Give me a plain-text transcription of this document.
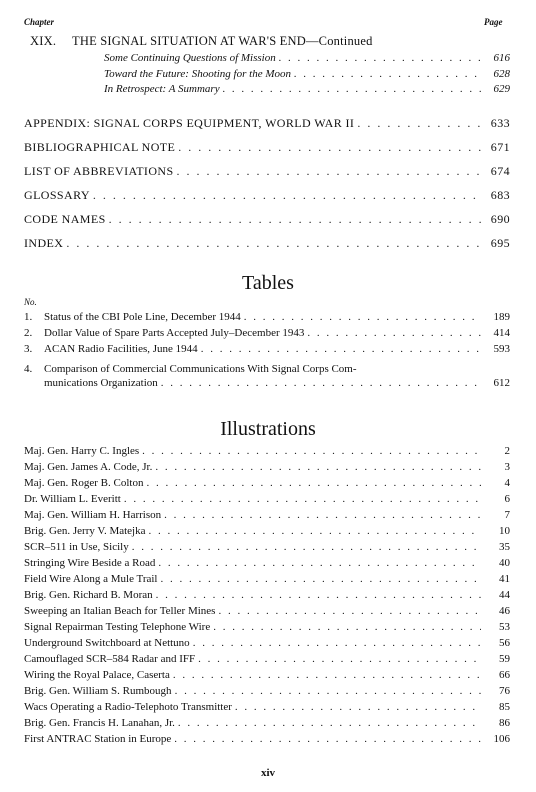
Chapter	Page
XIX. THE SIGNAL SITUATION AT WAR'S END—Continued
Some Continuing Questions of Mission . . .	616
Toward the Future: Shooting for the Moon . . .	628
In Retrospect: A Summary . . .	629
APPENDIX: SIGNAL CORPS EQUIPMENT, WORLD WAR II . . .	633
BIBLIOGRAPHICAL NOTE . . .	671
LIST OF ABBREVIATIONS . . .	674
GLOSSARY . . .	683
CODE NAMES . . .	690
INDEX . . .	695
Tables
No.
1. Status of the CBI Pole Line, December 1944 . . .	189
2. Dollar Value of Spare Parts Accepted July–December 1943 . . .	414
3. ACAN Radio Facilities, June 1944 . . .	593
4. Comparison of Commercial Communications With Signal Corps Com-
munications Organization . . .	612
Illustrations
Maj. Gen. Harry C. Ingles . . .	2
Maj. Gen. James A. Code, Jr. . . .	3
Maj. Gen. Roger B. Colton . . .	4
Dr. William L. Everitt . . .	6
Maj. Gen. William H. Harrison . . .	7
Brig. Gen. Jerry V. Matejka . . .	10
SCR–511 in Use, Sicily . . .	35
Stringing Wire Beside a Road . . .	40
Field Wire Along a Mule Trail . . .	41
Brig. Gen. Richard B. Moran . . .	44
Sweeping an Italian Beach for Teller Mines . . .	46
Signal Repairman Testing Telephone Wire . . .	53
Underground Switchboard at Nettuno . . .	56
Camouflaged SCR–584 Radar and IFF . . .	59
Wiring the Royal Palace, Caserta . . .	66
Brig. Gen. William S. Rumbough . . .	76
Wacs Operating a Radio-Telephoto Transmitter . . .	85
Brig. Gen. Francis H. Lanahan, Jr. . . .	86
First ANTRAC Station in Europe . . .	106
xiv
